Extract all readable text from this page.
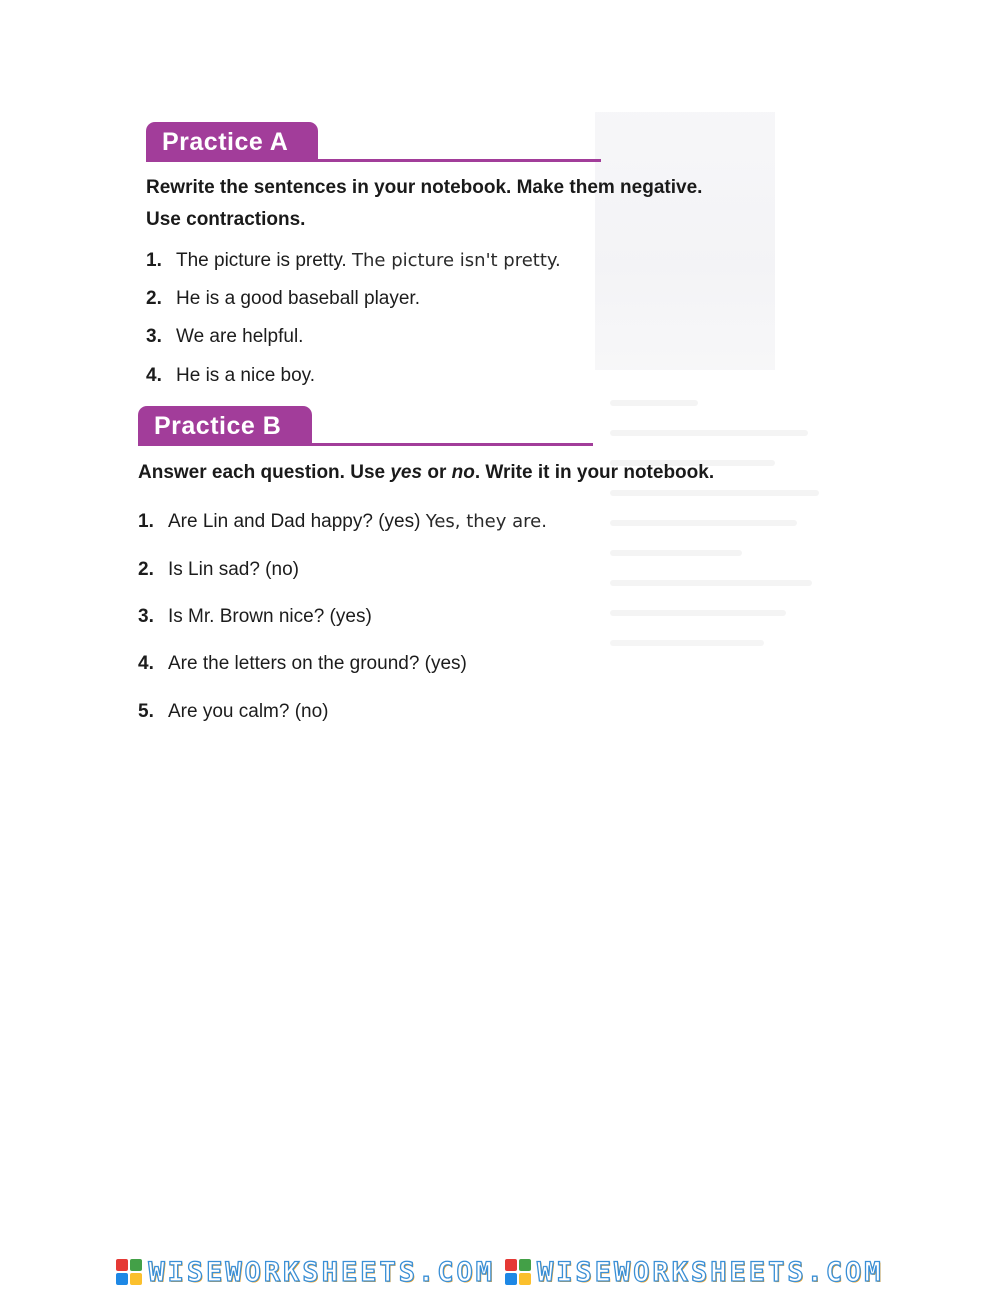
Practice A
Rewrite the sentences in your notebook. Make them negative.
Use contractions.
1. The picture is pretty. The picture isn't pretty.
2. He is a good baseball player.
3. We are helpful.
4. He is a nice boy.
Practice B
Answer each question. Use yes or no. Write it in your notebook.
1. Are Lin and Dad happy? (yes) Yes, they are.
2. Is Lin sad? (no)
3. Is Mr. Brown nice? (yes)
4. Are the letters on the ground? (yes)
5. Are you calm? (no)
WISEWORKSHEETS.COM WISEWORKSHEETS.COM
